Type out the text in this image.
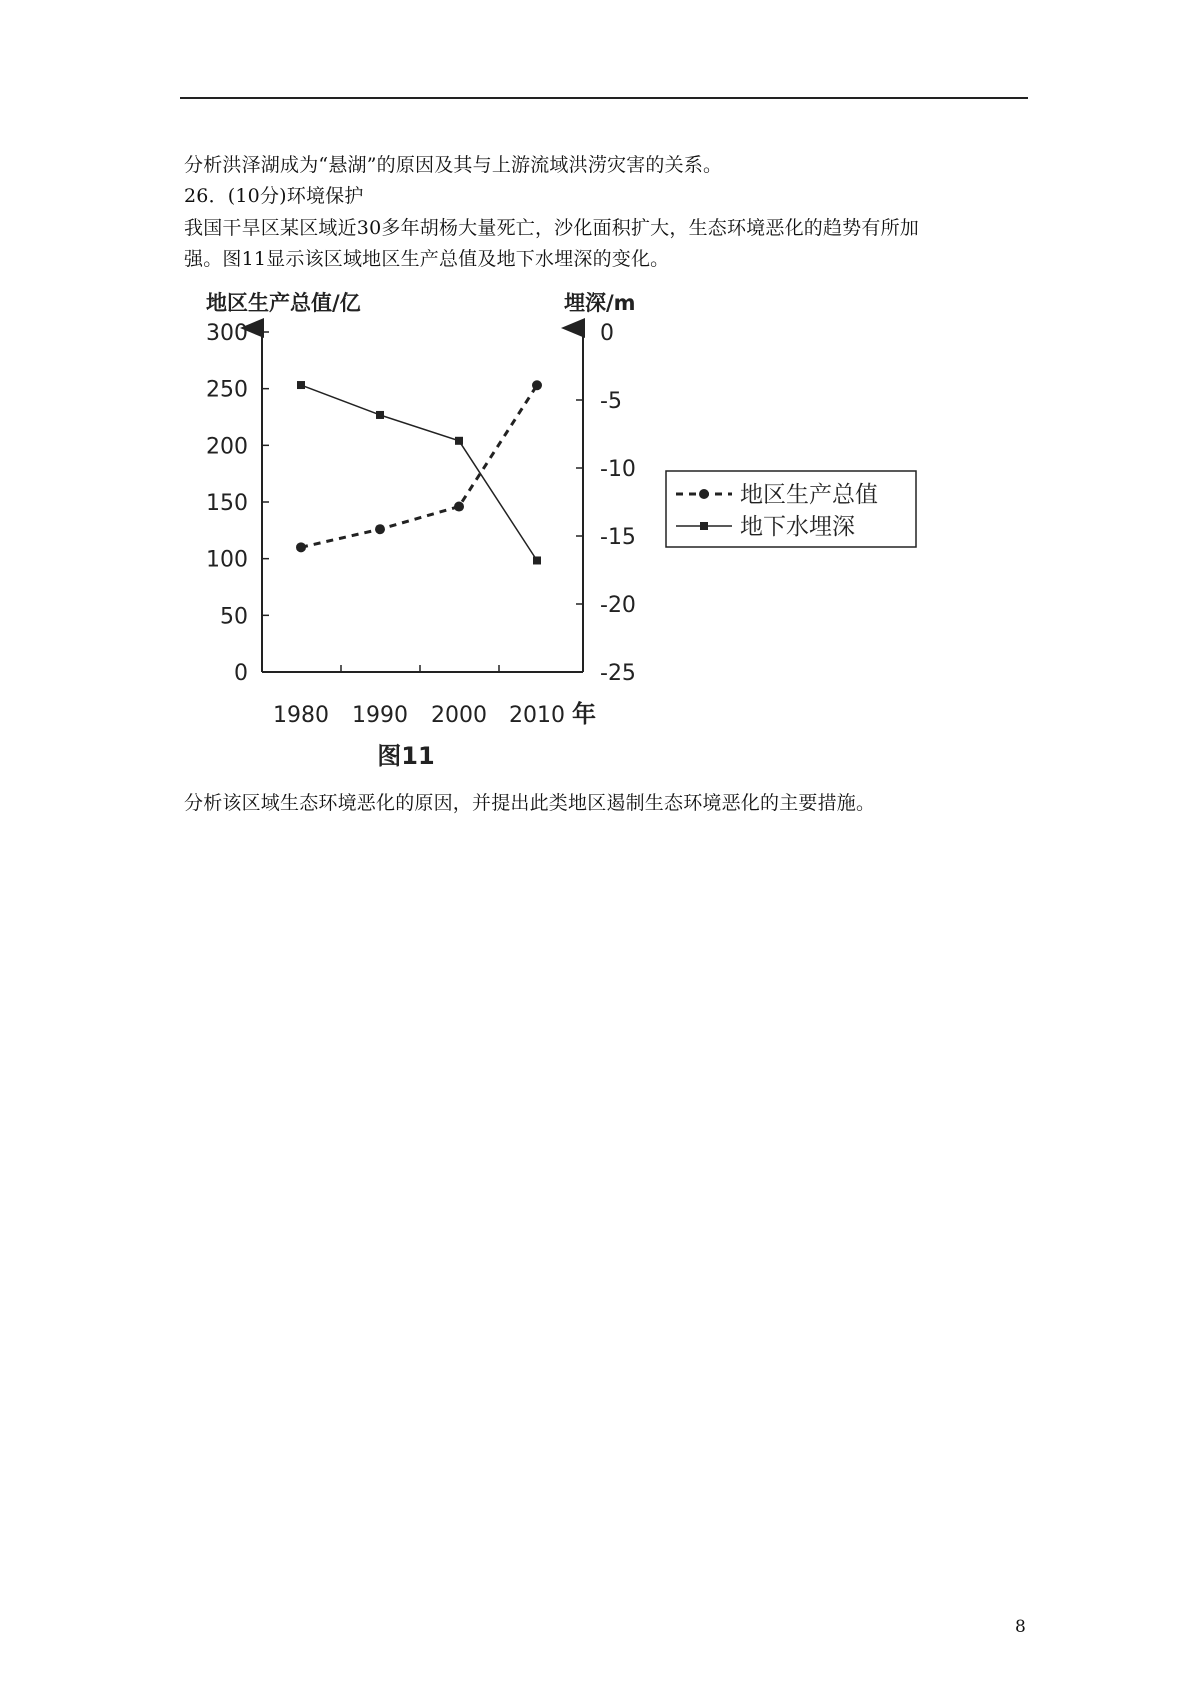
分析洪泽湖成为“悬湖”的原因及其与上游流域洪涝灾害的关系。
26．(10分)环境保护
我国干旱区某区域近30多年胡杨大量死亡，沙化面积扩大，生态环境恶化的趋势有所加
强。图11显示该区域地区生产总值及地下水埋深的变化。
地区生产总值/亿	埋深/m
300
250
200
150
100
50
0
0
-5
-10
-15
-20
-25
1980 1990 2000 2010
地区生产总值
地下水埋深
年
图11
分析该区域生态环境恶化的原因，并提出此类地区遏制生态环境恶化的主要措施。
8
